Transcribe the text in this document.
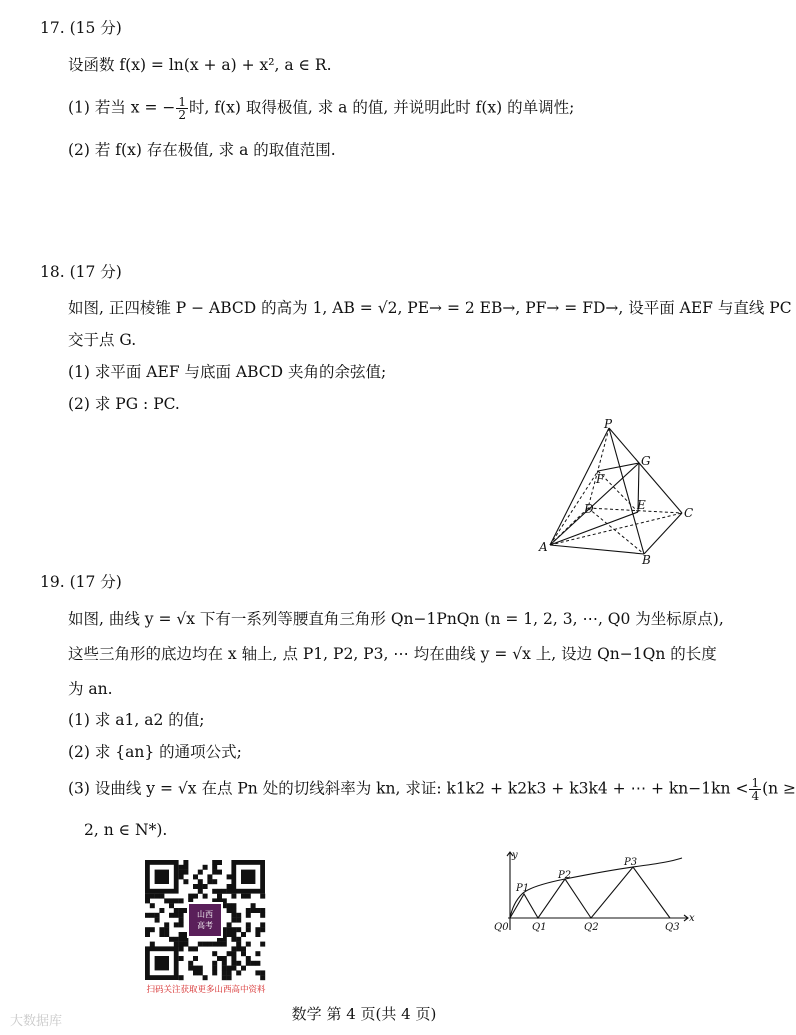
17. (15 分)
设函数 f(x) = ln(x + a) + x², a ∈ R.
(1) 若当 x = − $\frac{1}{2}$ 时, f(x) 取得极值, 求 a 的值, 并说明此时 f(x) 的单调性;
(2) 若 f(x) 存在极值, 求 a 的取值范围.
18. (17 分)
如图, 正四棱锥 P − ABCD 的高为 1, AB = √2, PE→ = 2 EB→, PF→ = FD→, 设平面 AEF 与直线 PC
交于点 G.
(1) 求平面 AEF 与底面 ABCD 夹角的余弦值;
(2) 求 PG : PC.
P
G
F
D	E
C
A
B
19. (17 分)
如图, 曲线 y = √x 下有一系列等腰直角三角形 Qn−1PnQn (n = 1, 2, 3, ⋯, Q0 为坐标原点),
这些三角形的底边均在 x 轴上, 点 P1, P2, P3, ⋯ 均在曲线 y = √x 上, 设边 Qn−1Qn 的长度
为 an.
(1) 求 a1, a2 的值;
(2) 求 {an} 的通项公式;
(3) 设曲线 y = √x 在点 Pn 处的切线斜率为 kn, 求证: k1k2 + k2k3 + k3k4 + ⋯ + $kn-1kn < \frac{1}{4} (n$ ≥
2, n ∈ N*).
山西
高考
扫码关注获取更多山西高中资料
y
P1
P2
P3
Q0 Q1	Q2	Q3
x
数学 第 4 页(共 4 页)
大数据库
